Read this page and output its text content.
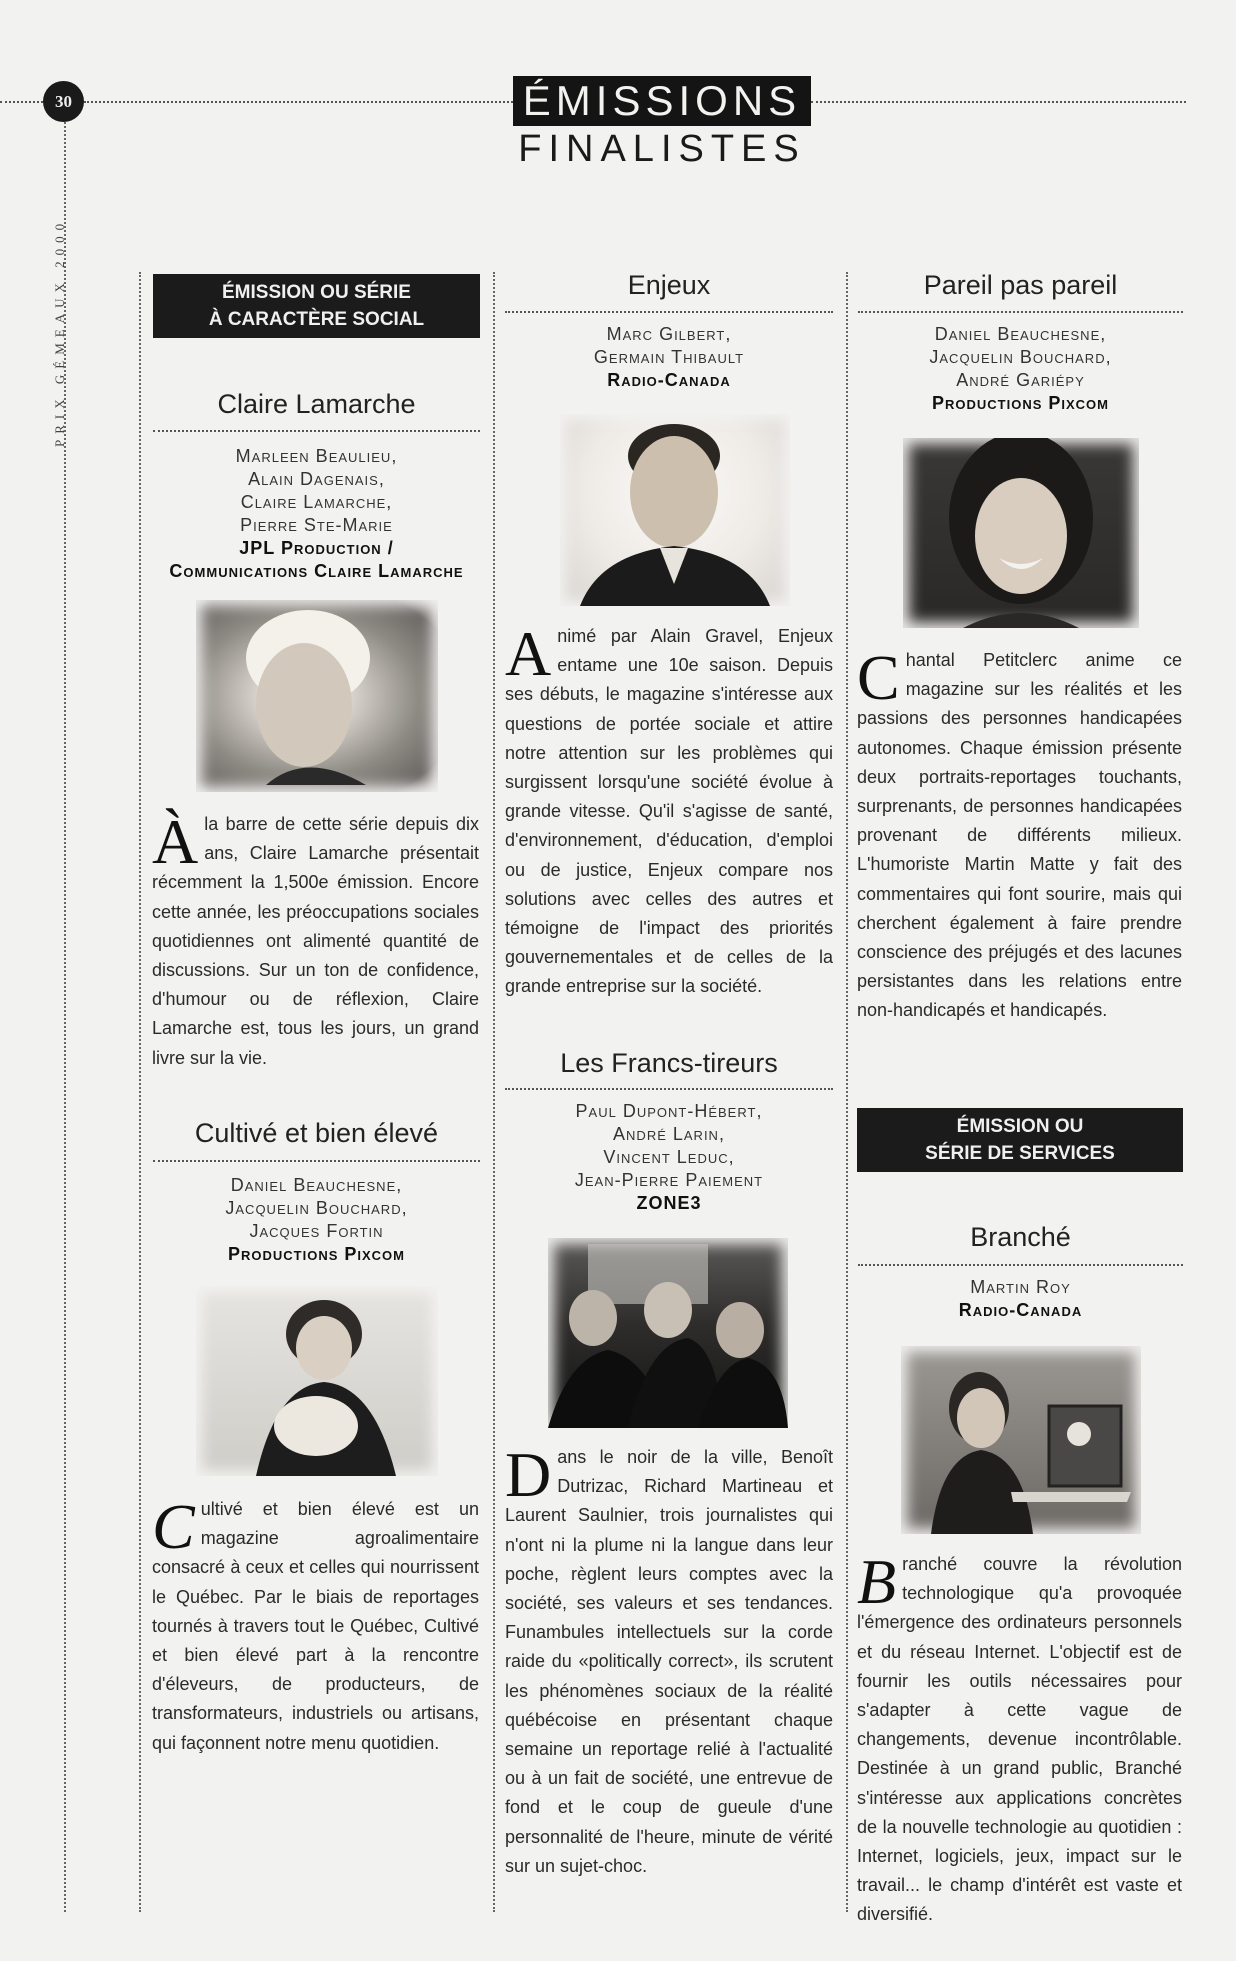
30
PRIX GÉMEAUX 2000
ÉMISSIONS
FINALISTES
ÉMISSION OU SÉRIE
À CARACTÈRE SOCIAL
Claire Lamarche
Marleen Beaulieu,
Alain Dagenais,
Claire Lamarche,
Pierre Ste-Marie
JPL Production /
Communications Claire Lamarche
Àla barre de cette série depuis dix ans, Claire Lamarche présentait récemment la 1,500e émission. Encore cette année, les préoccupations sociales quotidiennes ont alimenté quantité de discussions. Sur un ton de confidence, d'humour ou de réflexion, Claire Lamarche est, tous les jours, un grand livre sur la vie.
Cultivé et bien élevé
Daniel Beauchesne,
Jacquelin Bouchard,
Jacques Fortin
Productions Pixcom
Cultivé et bien élevé est un magazine agroalimentaire consacré à ceux et celles qui nourrissent le Québec. Par le biais de reportages tournés à travers tout le Québec, Cultivé et bien élevé part à la rencontre d'éleveurs, de producteurs, de transformateurs, industriels ou artisans, qui façonnent notre menu quotidien.
Enjeux
Marc Gilbert,
Germain Thibault
Radio-Canada
Animé par Alain Gravel, Enjeux entame une 10e saison. Depuis ses débuts, le magazine s'intéresse aux questions de portée sociale et attire notre attention sur les problèmes qui surgissent lorsqu'une société évolue à grande vitesse. Qu'il s'agisse de santé, d'environnement, d'éducation, d'emploi ou de justice, Enjeux compare nos solutions avec celles des autres et témoigne de l'impact des priorités gouvernementales et de celles de la grande entreprise sur la société.
Les Francs-tireurs
Paul Dupont-Hébert,
André Larin,
Vincent Leduc,
Jean-Pierre Paiement
ZONE3
Dans le noir de la ville, Benoît Dutrizac, Richard Martineau et Laurent Saulnier, trois journalistes qui n'ont ni la plume ni la langue dans leur poche, règlent leurs comptes avec la société, ses valeurs et ses tendances. Funambules intellectuels sur la corde raide du «politically correct», ils scrutent les phénomènes sociaux de la réalité québécoise en présentant chaque semaine un reportage relié à l'actualité ou à un fait de société, une entrevue de fond et le coup de gueule d'une personnalité de l'heure, minute de vérité sur un sujet-choc.
Pareil pas pareil
Daniel Beauchesne,
Jacquelin Bouchard,
André Gariépy
Productions Pixcom
Chantal Petitclerc anime ce magazine sur les réalités et les passions des personnes handicapées autonomes. Chaque émission présente deux portraits-reportages touchants, surprenants, de personnes handicapées provenant de différents milieux. L'humoriste Martin Matte y fait des commentaires qui font sourire, mais qui cherchent également à faire prendre conscience des préjugés et des lacunes persistantes dans les relations entre non-handicapés et handicapés.
ÉMISSION OU
SÉRIE DE SERVICES
Branché
Martin Roy
Radio-Canada
Branché couvre la révolution technologique qu'a provoquée l'émergence des ordinateurs personnels et du réseau Internet. L'objectif est de fournir les outils nécessaires pour s'adapter à cette vague de changements, devenue incontrôlable. Destinée à un grand public, Branché s'intéresse aux applications concrètes de la nouvelle technologie au quotidien : Internet, logiciels, jeux, impact sur le travail... le champ d'intérêt est vaste et diversifié.
